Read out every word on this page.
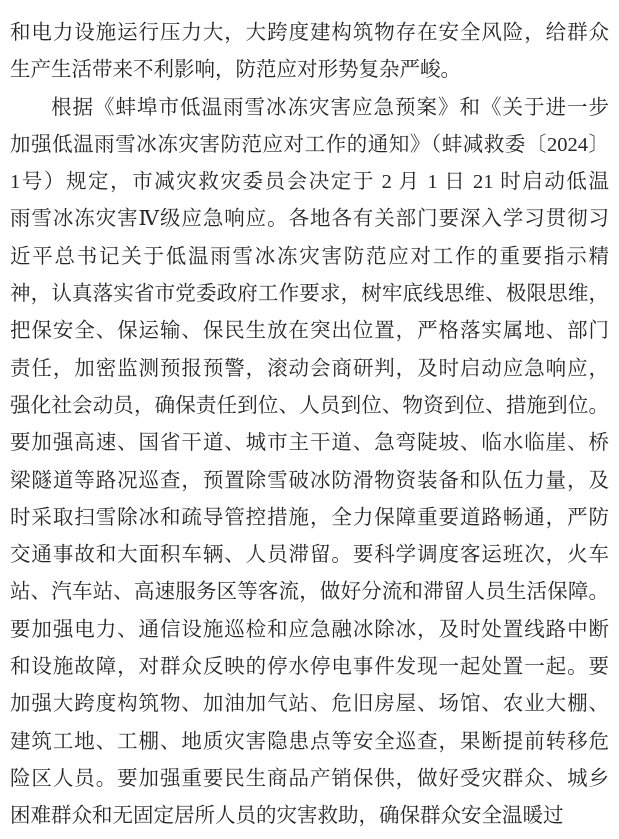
和电力设施运行压力大，大跨度建构筑物存在安全风险，给群众
生产生活带来不利影响，防范应对形势复杂严峻。
根据《蚌埠市低温雨雪冰冻灾害应急预案》和《关于进一步
加强低温雨雪冰冻灾害防范应对工作的通知》（蚌减救委〔2024〕
1号）规定，市减灾救灾委员会决定于 2 月 1 日 21 时启动低温
雨雪冰冻灾害Ⅳ级应急响应。各地各有关部门要深入学习贯彻习
近平总书记关于低温雨雪冰冻灾害防范应对工作的重要指示精
神，认真落实省市党委政府工作要求，树牢底线思维、极限思维，
把保安全、保运输、保民生放在突出位置，严格落实属地、部门
责任，加密监测预报预警，滚动会商研判，及时启动应急响应，
强化社会动员，确保责任到位、人员到位、物资到位、措施到位。
要加强高速、国省干道、城市主干道、急弯陡坡、临水临崖、桥
梁隧道等路况巡查，预置除雪破冰防滑物资装备和队伍力量，及
时采取扫雪除冰和疏导管控措施，全力保障重要道路畅通，严防
交通事故和大面积车辆、人员滞留。要科学调度客运班次，火车
站、汽车站、高速服务区等客流，做好分流和滞留人员生活保障。
要加强电力、通信设施巡检和应急融冰除冰，及时处置线路中断
和设施故障，对群众反映的停水停电事件发现一起处置一起。要
加强大跨度构筑物、加油加气站、危旧房屋、场馆、农业大棚、
建筑工地、工棚、地质灾害隐患点等安全巡查，果断提前转移危
险区人员。要加强重要民生商品产销保供，做好受灾群众、城乡
困难群众和无固定居所人员的灾害救助，确保群众安全温暖过
